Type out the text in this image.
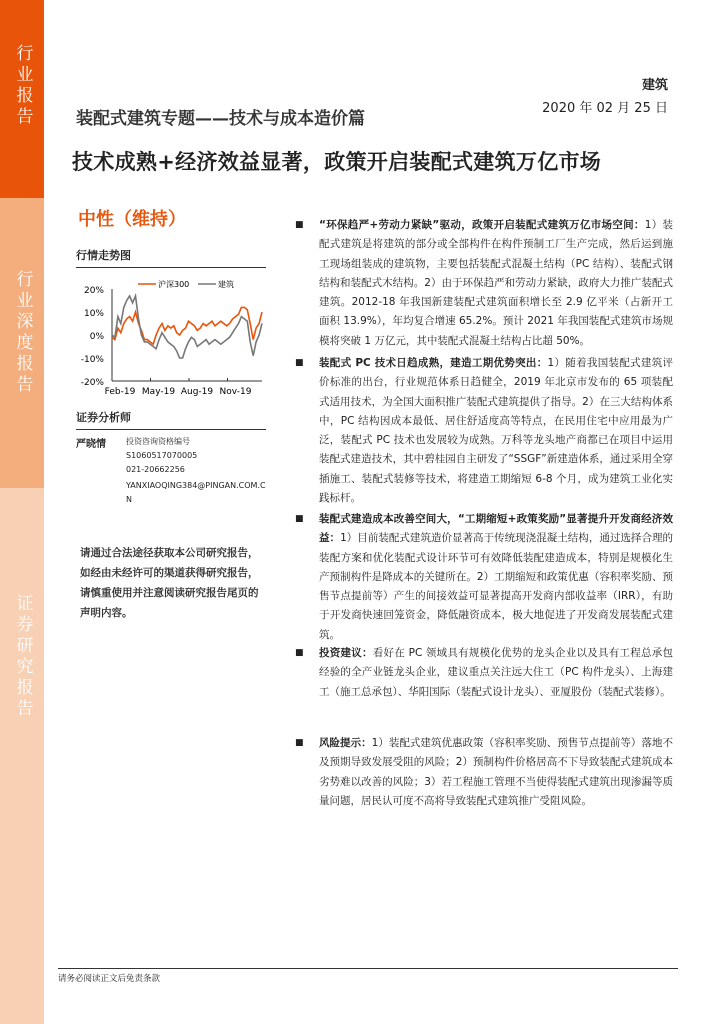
行业报告
行业深度报告
证券研究报告
建筑
2020 年 02 月 25 日
装配式建筑专题——技术与成本造价篇
技术成熟+经济效益显著，政策开启装配式建筑万亿市场
中性（维持）
行情走势图
20%
10%
0%
-10%
-20%
Feb-19 May-19 Aug-19 Nov-19
沪深300	建筑
证券分析师
严晓情	投资咨询资格编号
S1060517070005
021-20662256
YANXIAOQING384@PINGAN.COM.CN
请通过合法途径获取本公司研究报告，如经由未经许可的渠道获得研究报告，请慎重使用并注意阅读研究报告尾页的声明内容。
■ “环保趋严+劳动力紧缺”驱动，政策开启装配式建筑万亿市场空间：1）装配式建筑是将建筑的部分或全部构件在构件预制工厂生产完成，然后运到施工现场组装成的建筑物，主要包括装配式混凝土结构（PC 结构）、装配式钢结构和装配式木结构。2）由于环保趋严和劳动力紧缺，政府大力推广装配式建筑。2012-18 年我国新建装配式建筑面积增长至 2.9 亿平米（占新开工面积 13.9%），年均复合增速 65.2%。预计 2021 年我国装配式建筑市场规模将突破 1 万亿元，其中装配式混凝土结构占比超 50%。

■ 装配式 PC 技术日趋成熟，建造工期优势突出：1）随着我国装配式建筑评价标准的出台，行业规范体系日趋健全，2019 年北京市发布的 65 项装配式适用技术，为全国大面积推广装配式建筑提供了指导。2）在三大结构体系中，PC 结构因成本最低、居住舒适度高等特点，在民用住宅中应用最为广泛，装配式 PC 技术也发展较为成熟。万科等龙头地产商都已在项目中运用装配式建造技术，其中碧桂园自主研发了“SSGF”新建造体系，通过采用全穿插施工、装配式装修等技术，将建造工期缩短 6-8 个月，成为建筑工业化实践标杆。

■ 装配式建造成本改善空间大，“工期缩短+政策奖励”显著提升开发商经济效益：1）目前装配式建筑造价显著高于传统现浇混凝土结构，通过选择合理的装配方案和优化装配式设计环节可有效降低装配建造成本，特别是规模化生产预制构件是降成本的关键所在。2）工期缩短和政策优惠（容积率奖励、预售节点提前等）产生的间接效益可显著提高开发商内部收益率（IRR），有助于开发商快速回笼资金，降低融资成本，极大地促进了开发商发展装配式建筑。

■ 投资建议：看好在 PC 领域具有规模化优势的龙头企业以及具有工程总承包经验的全产业链龙头企业，建议重点关注远大住工（PC 构件龙头）、上海建工（施工总承包）、华阳国际（装配式设计龙头）、亚厦股份（装配式装修）。

■ 风险提示：1）装配式建筑优惠政策（容积率奖励、预售节点提前等）落地不及预期导致发展受阻的风险；2）预制构件价格居高不下导致装配式建筑成本劣势难以改善的风险；3）若工程施工管理不当使得装配式建筑出现渗漏等质量问题，居民认可度不高将导致装配式建筑推广受阻风险。

请务必阅读正文后免责条款
